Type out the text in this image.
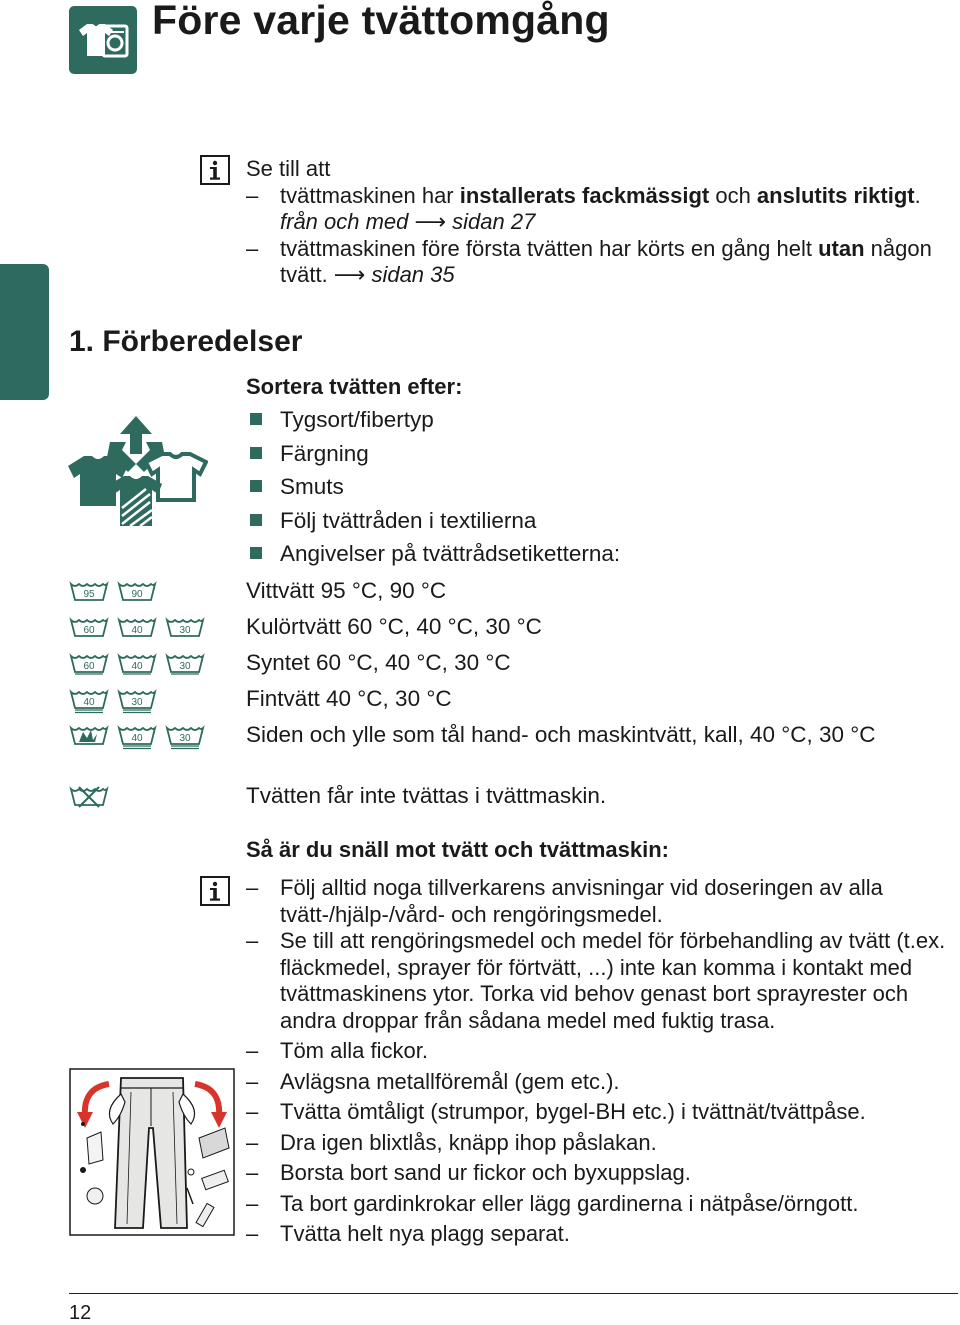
Före varje tvättomgång
Se till att
– tvättmaskinen har installerats fackmässigt och anslutits riktigt. från och med ⟶ sidan 27
– tvättmaskinen före första tvätten har körts en gång helt utan någon tvätt. ⟶ sidan 35
1. Förberedelser
Sortera tvätten efter:
Tygsort/fibertyp
Färgning
Smuts
Följ tvättråden i textilierna
Angivelser på tvättrådsetiketterna:
95	90	Vittvätt 95 °C, 90 °C
60	40	30 Kulörtvätt 60 °C, 40 °C, 30 °C
60	40	30 Syntet 60 °C, 40 °C, 30 °C
40	30	Fintvätt 40 °C, 30 °C
40	30 Siden och ylle som tål hand- och maskintvätt, kall, 40 °C, 30 °C
Tvätten får inte tvättas i tvättmaskin.
Så är du snäll mot tvätt och tvättmaskin:
– Följ alltid noga tillverkarens anvisningar vid doseringen av alla tvätt-/hjälp-/vård- och rengöringsmedel.
– Se till att rengöringsmedel och medel för förbehandling av tvätt (t.ex. fläckmedel, sprayer för förtvätt, ...) inte kan komma i kontakt med tvättmaskinens ytor. Torka vid behov genast bort sprayrester och andra droppar från sådana medel med fuktig trasa.
– Töm alla fickor.
– Avlägsna metallföremål (gem etc.).
– Tvätta ömtåligt (strumpor, bygel-BH etc.) i tvättnät/tvättpåse.
– Dra igen blixtlås, knäpp ihop påslakan.
– Borsta bort sand ur fickor och byxuppslag.
– Ta bort gardinkrokar eller lägg gardinerna i nätpåse/örngott.
– Tvätta helt nya plagg separat.
12
